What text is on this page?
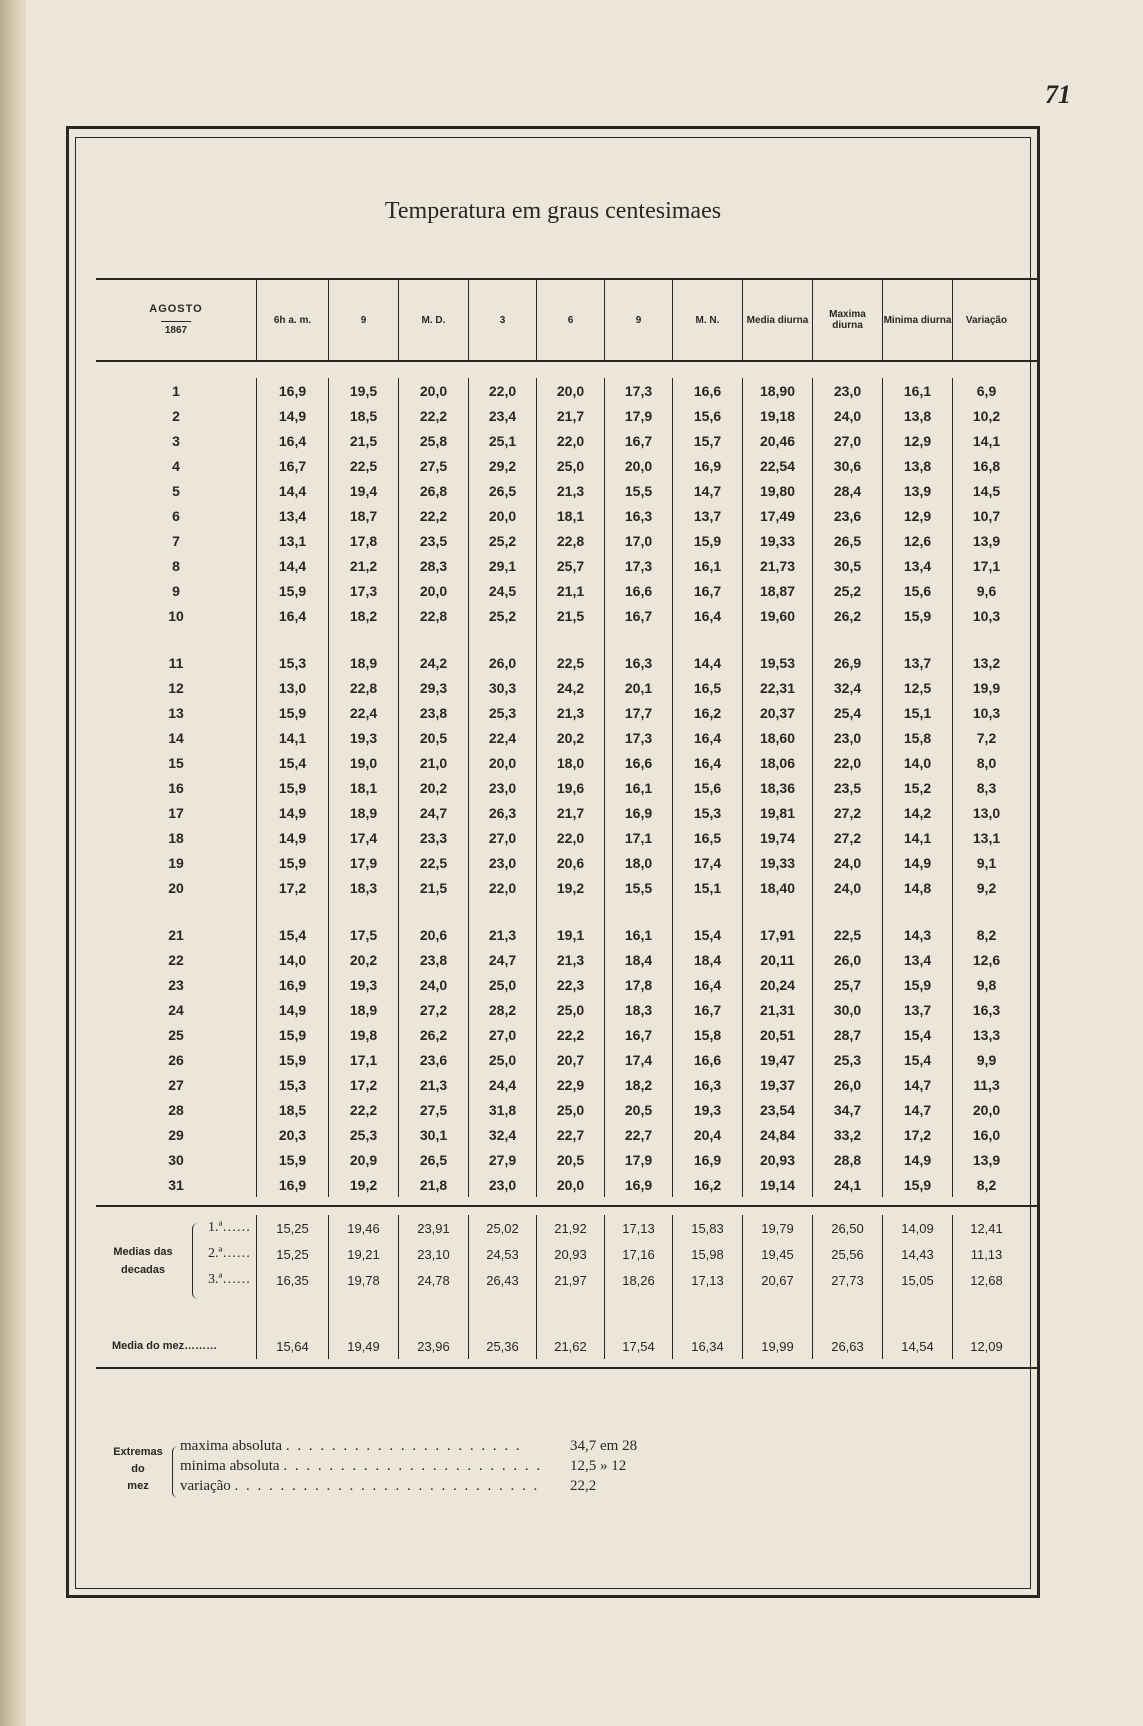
71
Temperatura em graus centesimaes
AGOSTO
1867
6h a. m.	9	M. D.	3	6	9	M. N.	Media diurna	Maxima diurna	Minima diurna	Variação
1	16,9	19,5	20,0	22,0	20,0	17,3	16,6	18,90	23,0	16,1	6,9
2	14,9	18,5	22,2	23,4	21,7	17,9	15,6	19,18	24,0	13,8	10,2
3	16,4	21,5	25,8	25,1	22,0	16,7	15,7	20,46	27,0	12,9	14,1
4	16,7	22,5	27,5	29,2	25,0	20,0	16,9	22,54	30,6	13,8	16,8
5	14,4	19,4	26,8	26,5	21,3	15,5	14,7	19,80	28,4	13,9	14,5
6	13,4	18,7	22,2	20,0	18,1	16,3	13,7	17,49	23,6	12,9	10,7
7	13,1	17,8	23,5	25,2	22,8	17,0	15,9	19,33	26,5	12,6	13,9
8	14,4	21,2	28,3	29,1	25,7	17,3	16,1	21,73	30,5	13,4	17,1
9	15,9	17,3	20,0	24,5	21,1	16,6	16,7	18,87	25,2	15,6	9,6
10	16,4	18,2	22,8	25,2	21,5	16,7	16,4	19,60	26,2	15,9	10,3
11	15,3	18,9	24,2	26,0	22,5	16,3	14,4	19,53	26,9	13,7	13,2
12	13,0	22,8	29,3	30,3	24,2	20,1	16,5	22,31	32,4	12,5	19,9
13	15,9	22,4	23,8	25,3	21,3	17,7	16,2	20,37	25,4	15,1	10,3
14	14,1	19,3	20,5	22,4	20,2	17,3	16,4	18,60	23,0	15,8	7,2
15	15,4	19,0	21,0	20,0	18,0	16,6	16,4	18,06	22,0	14,0	8,0
16	15,9	18,1	20,2	23,0	19,6	16,1	15,6	18,36	23,5	15,2	8,3
17	14,9	18,9	24,7	26,3	21,7	16,9	15,3	19,81	27,2	14,2	13,0
18	14,9	17,4	23,3	27,0	22,0	17,1	16,5	19,74	27,2	14,1	13,1
19	15,9	17,9	22,5	23,0	20,6	18,0	17,4	19,33	24,0	14,9	9,1
20	17,2	18,3	21,5	22,0	19,2	15,5	15,1	18,40	24,0	14,8	9,2
21	15,4	17,5	20,6	21,3	19,1	16,1	15,4	17,91	22,5	14,3	8,2
22	14,0	20,2	23,8	24,7	21,3	18,4	18,4	20,11	26,0	13,4	12,6
23	16,9	19,3	24,0	25,0	22,3	17,8	16,4	20,24	25,7	15,9	9,8
24	14,9	18,9	27,2	28,2	25,0	18,3	16,7	21,31	30,0	13,7	16,3
25	15,9	19,8	26,2	27,0	22,2	16,7	15,8	20,51	28,7	15,4	13,3
26	15,9	17,1	23,6	25,0	20,7	17,4	16,6	19,47	25,3	15,4	9,9
27	15,3	17,2	21,3	24,4	22,9	18,2	16,3	19,37	26,0	14,7	11,3
28	18,5	22,2	27,5	31,8	25,0	20,5	19,3	23,54	34,7	14,7	20,0
29	20,3	25,3	30,1	32,4	22,7	22,7	20,4	24,84	33,2	17,2	16,0
30	15,9	20,9	26,5	27,9	20,5	17,9	16,9	20,93	28,8	14,9	13,9
31	16,9	19,2	21,8	23,0	20,0	16,9	16,2	19,14	24,1	15,9	8,2
Medias das
decadas
1.ª……	15,25	19,46	23,91	25,02	21,92	17,13	15,83	19,79	26,50	14,09	12,41
2.ª……	15,25	19,21	23,10	24,53	20,93	17,16	15,98	19,45	25,56	14,43	11,13
3.ª……	16,35	19,78	24,78	26,43	21,97	18,26	17,13	20,67	27,73	15,05	12,68
Media do mez………	15,64	19,49	23,96	25,36	21,62	17,54	16,34	19,99	26,63	14,54	12,09
Extremas
do
mez
maxima absoluta . . . . . . . . . . . . . . . . . . . . .	34,7 em 28
minima absoluta . . . . . . . . . . . . . . . . . . . . . . . 12,5 » 12
variação . . . . . . . . . . . . . . . . . . . . . . . . . . . 22,2
